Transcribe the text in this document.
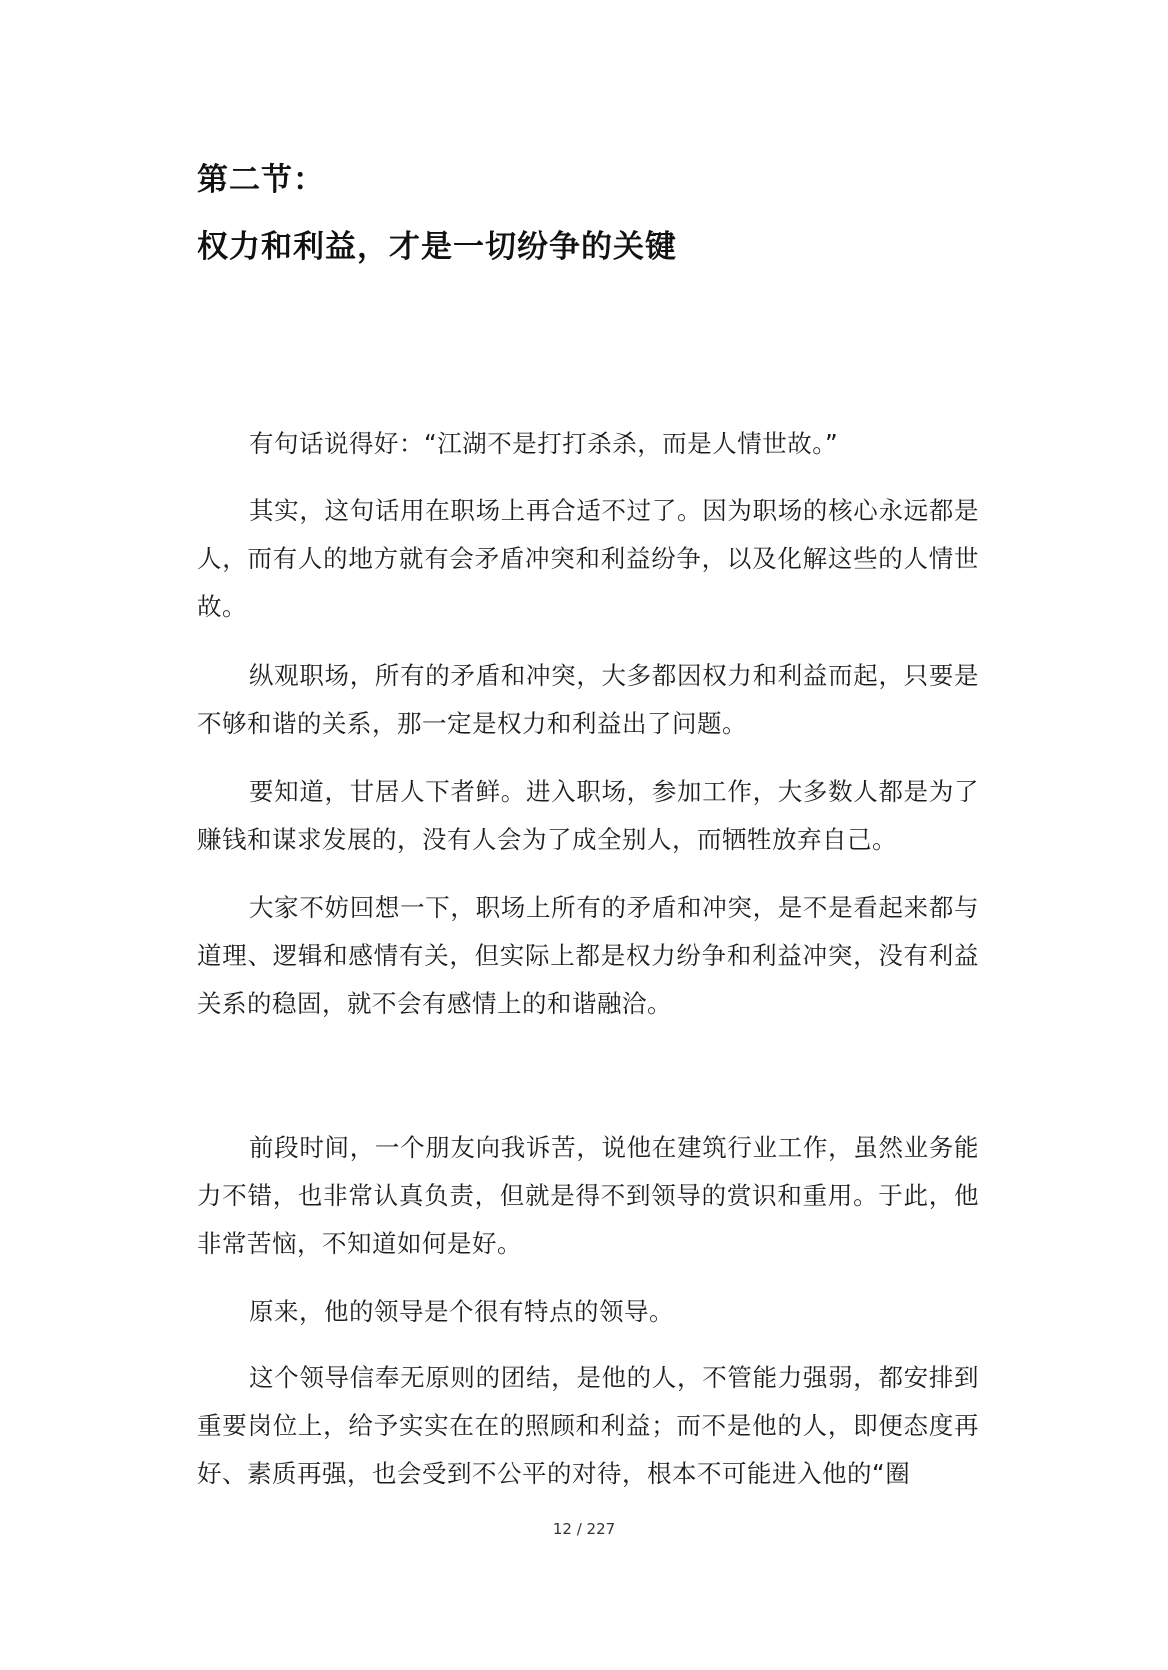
第二节：
权力和利益，才是一切纷争的关键

有句话说得好：“江湖不是打打杀杀，而是人情世故。”

其实，这句话用在职场上再合适不过了。因为职场的核心永远都是人，而有人的地方就有会矛盾冲突和利益纷争，以及化解这些的人情世故。

纵观职场，所有的矛盾和冲突，大多都因权力和利益而起，只要是不够和谐的关系，那一定是权力和利益出了问题。

要知道，甘居人下者鲜。进入职场，参加工作，大多数人都是为了赚钱和谋求发展的，没有人会为了成全别人，而牺牲放弃自己。

大家不妨回想一下，职场上所有的矛盾和冲突，是不是看起来都与道理、逻辑和感情有关，但实际上都是权力纷争和利益冲突，没有利益关系的稳固，就不会有感情上的和谐融洽。

前段时间，一个朋友向我诉苦，说他在建筑行业工作，虽然业务能力不错，也非常认真负责，但就是得不到领导的赏识和重用。于此，他非常苦恼，不知道如何是好。

原来，他的领导是个很有特点的领导。

这个领导信奉无原则的团结，是他的人，不管能力强弱，都安排到重要岗位上，给予实实在在的照顾和利益；而不是他的人，即便态度再好、素质再强，也会受到不公平的对待，根本不可能进入他的“圈

12 / 227
